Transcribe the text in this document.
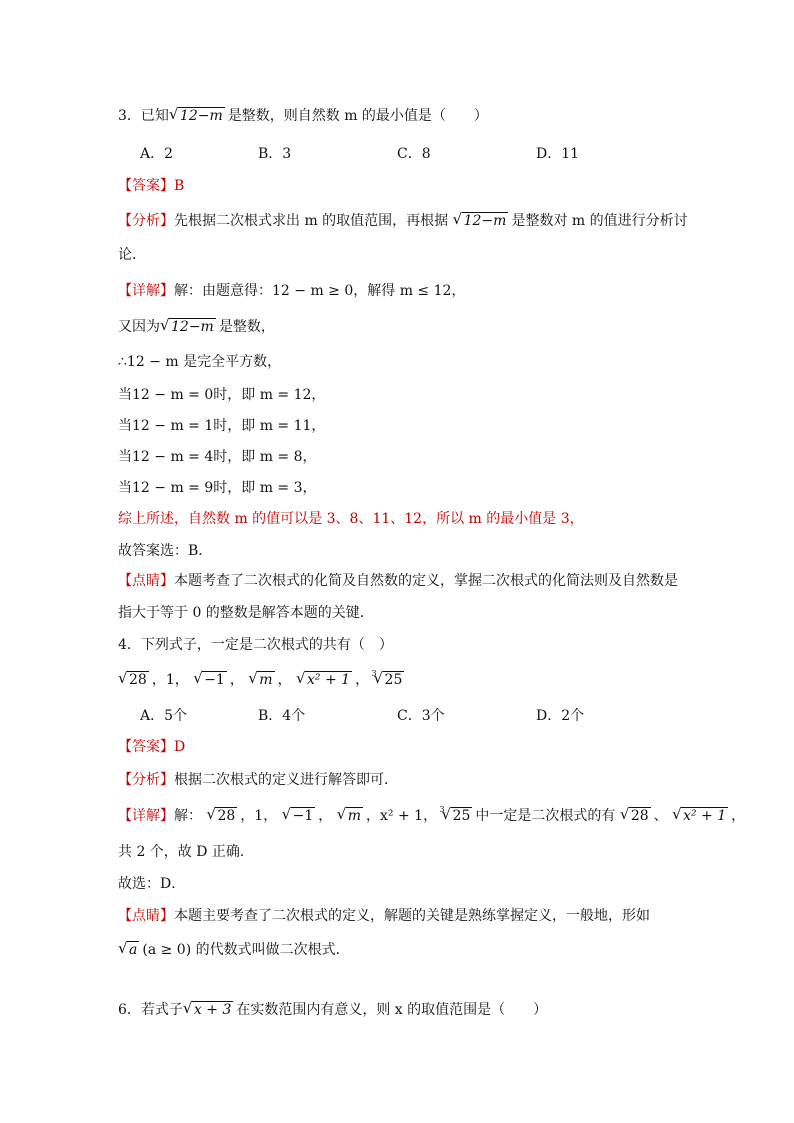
3．已知 √ 12−m 是整数，则自然数 m 的最小值是（　　）
A．2	B．3	C．8	D．11
【答案】B
【分析】先根据二次根式求出 m 的取值范围，再根据 √ 12−m 是整数对 m 的值进行分析讨
论．
【详解】解：由题意得：12 − m ≥ 0，解得 m ≤ 12，
又因为 √ 12−m 是整数，
∴12 − m 是完全平方数，
当12 − m = 0时，即 m = 12，
当12 − m = 1时，即 m = 11，
当12 − m = 4时，即 m = 8，
当12 − m = 9时，即 m = 3，
综上所述，自然数 m 的值可以是 3、8、11、12，所以 m 的最小值是 3，
故答案选：B．
【点睛】本题考查了二次根式的化简及自然数的定义，掌握二次根式的化简法则及自然数是
指大于等于 0 的整数是解答本题的关键．
4．下列式子，一定是二次根式的共有（　）
√ 28 ，1， √ −1 ， √ m ， √ x² + 1 ， 3 √ 25
A．5个	B．4个	C．3个	D．2个
【答案】D
【分析】根据二次根式的定义进行解答即可．
【详解】解： √ 28 ，1， √ −1 ， √ m ，x² + 1， 3 √ 25 中一定是二次根式的有 √ 28 、 √ x² + 1 ，
共 2 个，故 D 正确．
故选：D．
【点睛】本题主要考查了二次根式的定义，解题的关键是熟练掌握定义，一般地，形如
√ a (a ≥ 0) 的代数式叫做二次根式．
6．若式子 √ x + 3 在实数范围内有意义，则 x 的取值范围是（　　）
